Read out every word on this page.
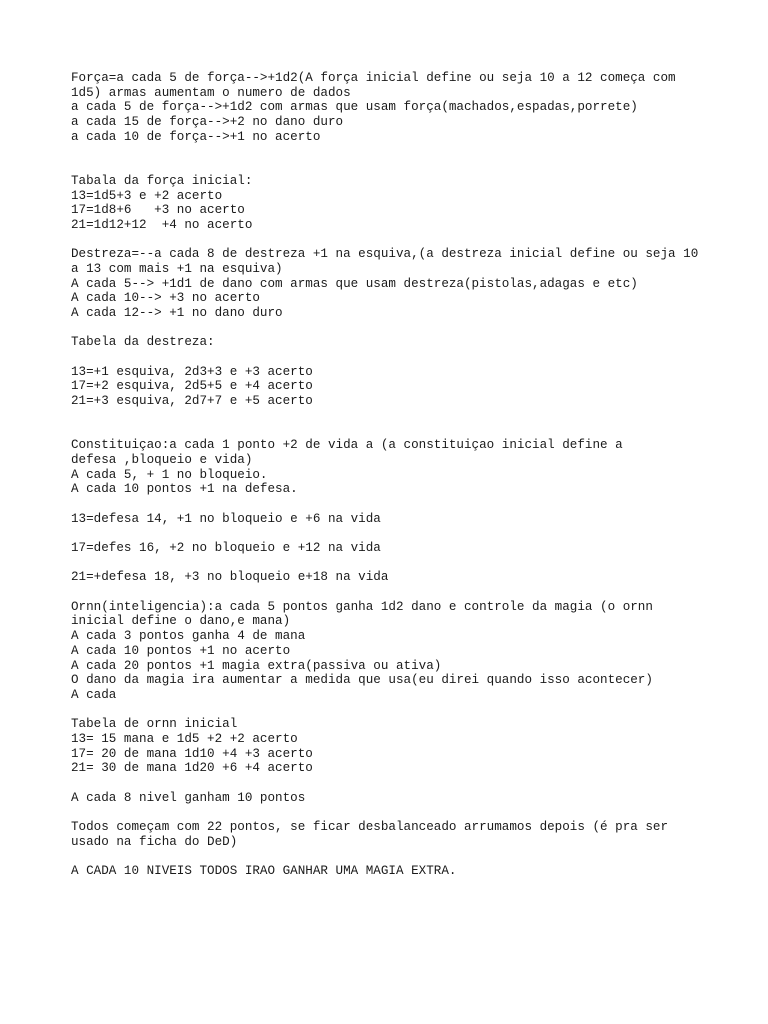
Força=a cada 5 de força-->+1d2(A força inicial define ou seja 10 a 12 começa com
1d5) armas aumentam o numero de dados
a cada 5 de força-->+1d2 com armas que usam força(machados,espadas,porrete)
a cada 15 de força-->+2 no dano duro
a cada 10 de força-->+1 no acerto
Tabala da força inicial:
13=1d5+3 e +2 acerto
17=1d8+6   +3 no acerto
21=1d12+12  +4 no acerto
Destreza=--a cada 8 de destreza +1 na esquiva,(a destreza inicial define ou seja 10
a 13 com mais +1 na esquiva)
A cada 5--> +1d1 de dano com armas que usam destreza(pistolas,adagas e etc)
A cada 10--> +3 no acerto
A cada 12--> +1 no dano duro
Tabela da destreza:
13=+1 esquiva, 2d3+3 e +3 acerto
17=+2 esquiva, 2d5+5 e +4 acerto
21=+3 esquiva, 2d7+7 e +5 acerto
Constituiçao:a cada 1 ponto +2 de vida a (a constituiçao inicial define a
defesa ,bloqueio e vida)
A cada 5, + 1 no bloqueio.
A cada 10 pontos +1 na defesa.
13=defesa 14, +1 no bloqueio e +6 na vida
17=defes 16, +2 no bloqueio e +12 na vida
21=+defesa 18, +3 no bloqueio e+18 na vida
Ornn(inteligencia):a cada 5 pontos ganha 1d2 dano e controle da magia (o ornn
inicial define o dano,e mana)
A cada 3 pontos ganha 4 de mana
A cada 10 pontos +1 no acerto
A cada 20 pontos +1 magia extra(passiva ou ativa)
O dano da magia ira aumentar a medida que usa(eu direi quando isso acontecer)
A cada
Tabela de ornn inicial
13= 15 mana e 1d5 +2 +2 acerto
17= 20 de mana 1d10 +4 +3 acerto
21= 30 de mana 1d20 +6 +4 acerto
A cada 8 nivel ganham 10 pontos
Todos começam com 22 pontos, se ficar desbalanceado arrumamos depois (é pra ser
usado na ficha do DeD)
A CADA 10 NIVEIS TODOS IRAO GANHAR UMA MAGIA EXTRA.
